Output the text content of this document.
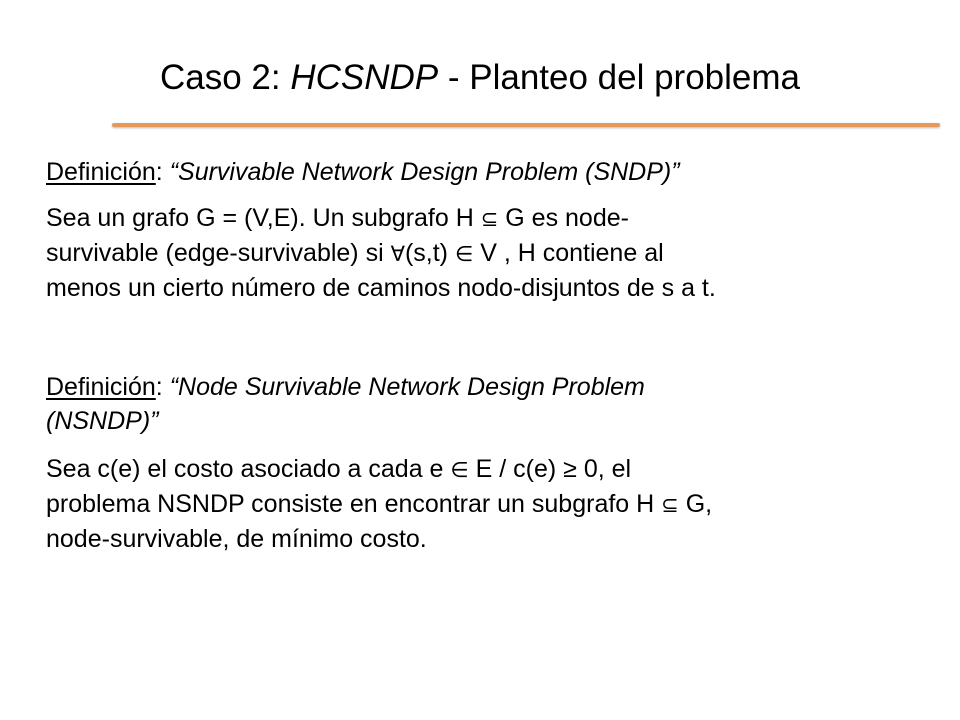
Caso 2: HCSNDP - Planteo del problema

Definición: “Survivable Network Design Problem (SNDP)”

Sea un grafo G = (V,E). Un subgrafo H ⊆ G es node-
survivable (edge-survivable) si ∀(s,t) ∈ V , H contiene al
menos un cierto número de caminos nodo-disjuntos de s a t.

Definición: “Node Survivable Network Design Problem
(NSNDP)”

Sea c(e) el costo asociado a cada e ∈ E / c(e) ≥ 0, el
problema NSNDP consiste en encontrar un subgrafo H ⊆ G,
node-survivable, de mínimo costo.
